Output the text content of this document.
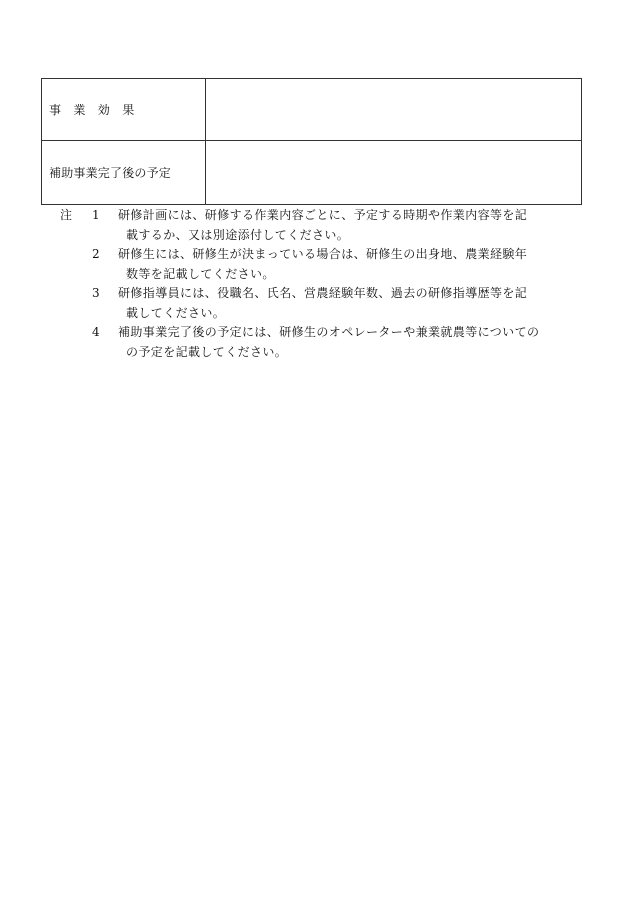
事　業　効　果	
補助事業完了後の予定	
注	1	研修計画には、研修する作業内容ごとに、予定する時期や作業内容等を記
載するか、又は別途添付してください。
2	研修生には、研修生が決まっている場合は、研修生の出身地、農業経験年
数等を記載してください。
3	研修指導員には、役職名、氏名、営農経験年数、過去の研修指導歴等を記
載してください。
4	補助事業完了後の予定には、研修生のオペレーターや兼業就農等についての
の予定を記載してください。
